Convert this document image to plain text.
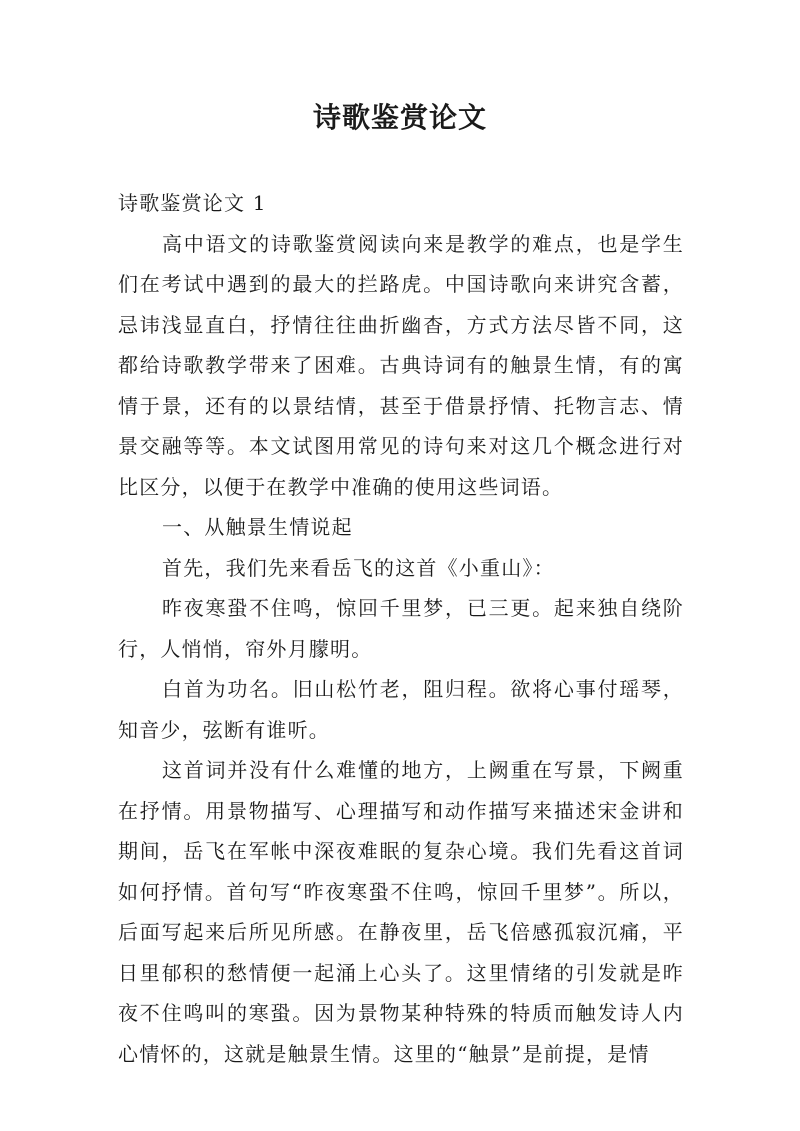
诗歌鉴赏论文

诗歌鉴赏论文 1

高中语文的诗歌鉴赏阅读向来是教学的难点，也是学生们在考试中遇到的最大的拦路虎。中国诗歌向来讲究含蓄，忌讳浅显直白，抒情往往曲折幽杳，方式方法尽皆不同，这都给诗歌教学带来了困难。古典诗词有的触景生情，有的寓情于景，还有的以景结情，甚至于借景抒情、托物言志、情景交融等等。本文试图用常见的诗句来对这几个概念进行对比区分，以便于在教学中准确的使用这些词语。

一、从触景生情说起

首先，我们先来看岳飞的这首《小重山》：

昨夜寒蛩不住鸣，惊回千里梦，已三更。起来独自绕阶行，人悄悄，帘外月朦明。

白首为功名。旧山松竹老，阻归程。欲将心事付瑶琴，知音少，弦断有谁听。

这首词并没有什么难懂的地方，上阙重在写景，下阙重在抒情。用景物描写、心理描写和动作描写来描述宋金讲和期间，岳飞在军帐中深夜难眠的复杂心境。我们先看这首词如何抒情。首句写“昨夜寒蛩不住鸣，惊回千里梦”。所以，后面写起来后所见所感。在静夜里，岳飞倍感孤寂沉痛，平日里郁积的愁情便一起涌上心头了。这里情绪的引发就是昨夜不住鸣叫的寒蛩。因为景物某种特殊的特质而触发诗人内心情怀的，这就是触景生情。这里的“触景”是前提，是情
